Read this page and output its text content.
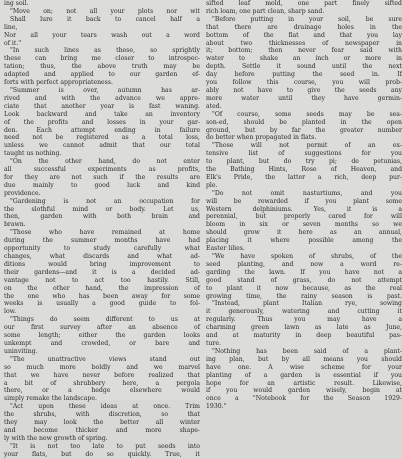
ing soil.
"Move on; not all your plots nor wit
Shall lure it back to cancel half a
line,
Nor all your tears wash out a word
of it."
"In such lines as these, so sprightly
these can bring me closer to introspec-
tation; thus, the above truth may be
adapted and applied to our garden ef-
forts with perfect appropriateness.
"Summer is over, autumn has ar-
rived and with the advance we appre-
ciate that another year is fast waning.
Look backward and take an inventory
of the profits and losses in your gar-
den. Each attempt ending in failure
need not be registered as a total loss,
unless we cannot admit that our total
taught us nothing.
"On the other hand, do not enter
all successful experiments as profits,
for they are not such if the results are
due mainly to good luck and kind
providence.
"Gardening is not an occupation for
the slothful mind or body. Let us,
then, garden with both brain and
brawn.
"Those who have remained at home
during the summer months have had
opportunity to study carefully what
changes, what discards and what ad-
ditions would bring improvement to
their gardens—and it is a decided ad-
vantage not to act too hastily. Still,
on the other hand, the impression of
the one who has been away for some
weeks is usually a good guide to fol-
low.
"Things do seem different to us at
our first survey after an absence of
some length; either the garden looks
unkempt and crowded, or bare and
uninviting.
"The unattractive views stand out
so much more boldly and we marvel
that we have never before realized that
a bit of shrubbery here, a pergola
there, or a hedge elsewhere would
simply remake the landscape.
"Act upon these ideas at once. Trim
the shrubs, with discretion, so that
they may look the better all winter
and become thicker and more shape-
ly with the new growth of spring.
"It is not too late to put seeds into
your flats, but do so quickly. True, it
sifted leaf mold, one part finely sifted
rich loam, one part clean, sharp sand.
"Before putting in your soil, be sure
that there are drainage holes in the
bottom of the flat and that you lay
about two thicknesses of newspaper in
it; bottom; then never fear said with
water to shake an inch or more in
depth. Settle it sound until the next
day before putting the seed in. If
you follow this course, you will prob-
ably not have to give the seeds any
more water until they have germin-
ated.
"Of course, some seeds may be sea-
son-ed, should be planted in the open
ground, but by far the greater number
do better when propagated in flats.
"Those will not permit of an ex-
tensive list of suggestions for you
to plant, but do try pi; de petunias,
the Bathing Hints, Rose of Heaven, and
Elk's Pride, the latter a rich, deep pur-
ple.
"Do not omit nasturtiums, and you
will be rewarded if you plant some
Western delphiniums. Yes, it is a
perennial, but properly cared for will
bloom in six or seven months so we
should grow it here as an annual,
placing it where possible among the
Easter lilies.
"We have spoken of shrubs, of the
seed planting, and now a word re-
garding the lawn. If you have not a
good stand of grass, do not attempt
to plant it now because, as the real
growing time, the rainy season is past.
"Instead, plant Italian rye, sowing
it generously, watering and cutting it
regularly. Thus you may have a
charming green lawn as late as June,
and at maturity in deep beautiful pas-
ture.
"Nothing has been said of a plant-
ing plan, but by all means you should
have one. A wise scheme for your
planting of a garden is essential if you
hope for an artistic result. Likewise,
if you would garden wisely, begin at
once a "Notebook for the Season 1929-
1930."
